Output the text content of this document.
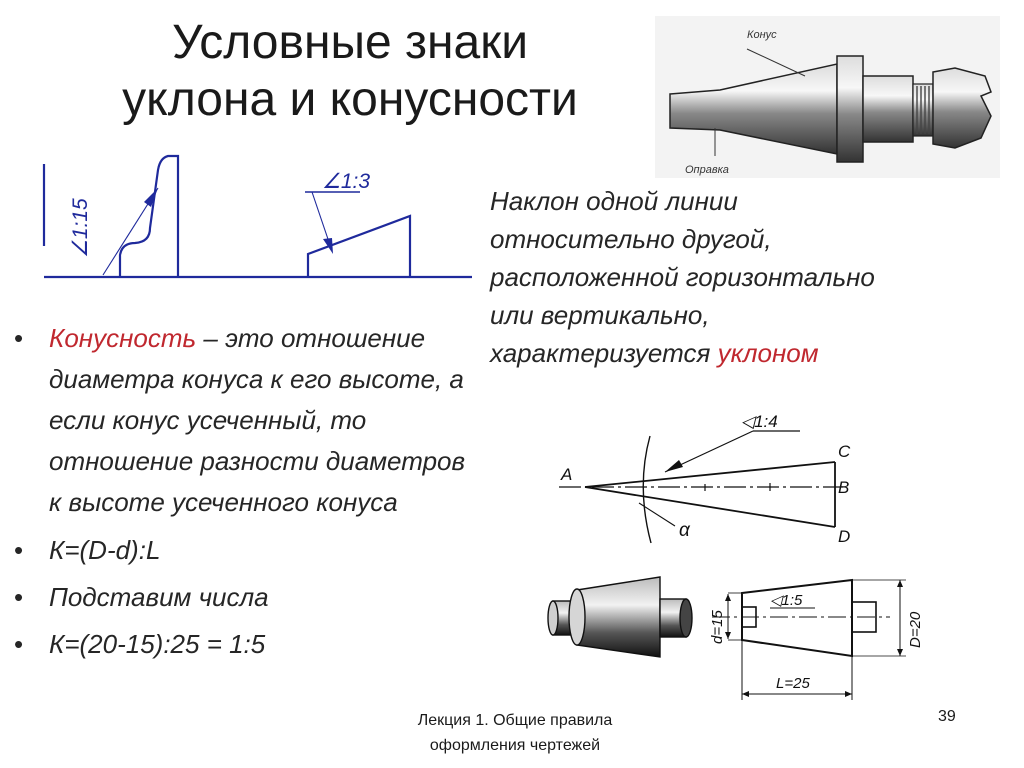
Условные знаки
уклона и конусности
Конус
Оправка
∠1:15
∠1:3
Наклон одной линии
относительно другой,
расположенной горизонтально
или вертикально,
характеризуется уклоном
• Конусность – это отношение диаметра конуса к его высоте, а если конус усеченный, то отношение разности диаметров к высоте усеченного конуса
• К=(D-d):L
• Подставим числа
• К=(20-15):25 = 1:5
A
C
B
D
◁1:4
α
d=15	D=20
L=25
◁1:5
Лекция 1. Общие правила
оформления чертежей
39
